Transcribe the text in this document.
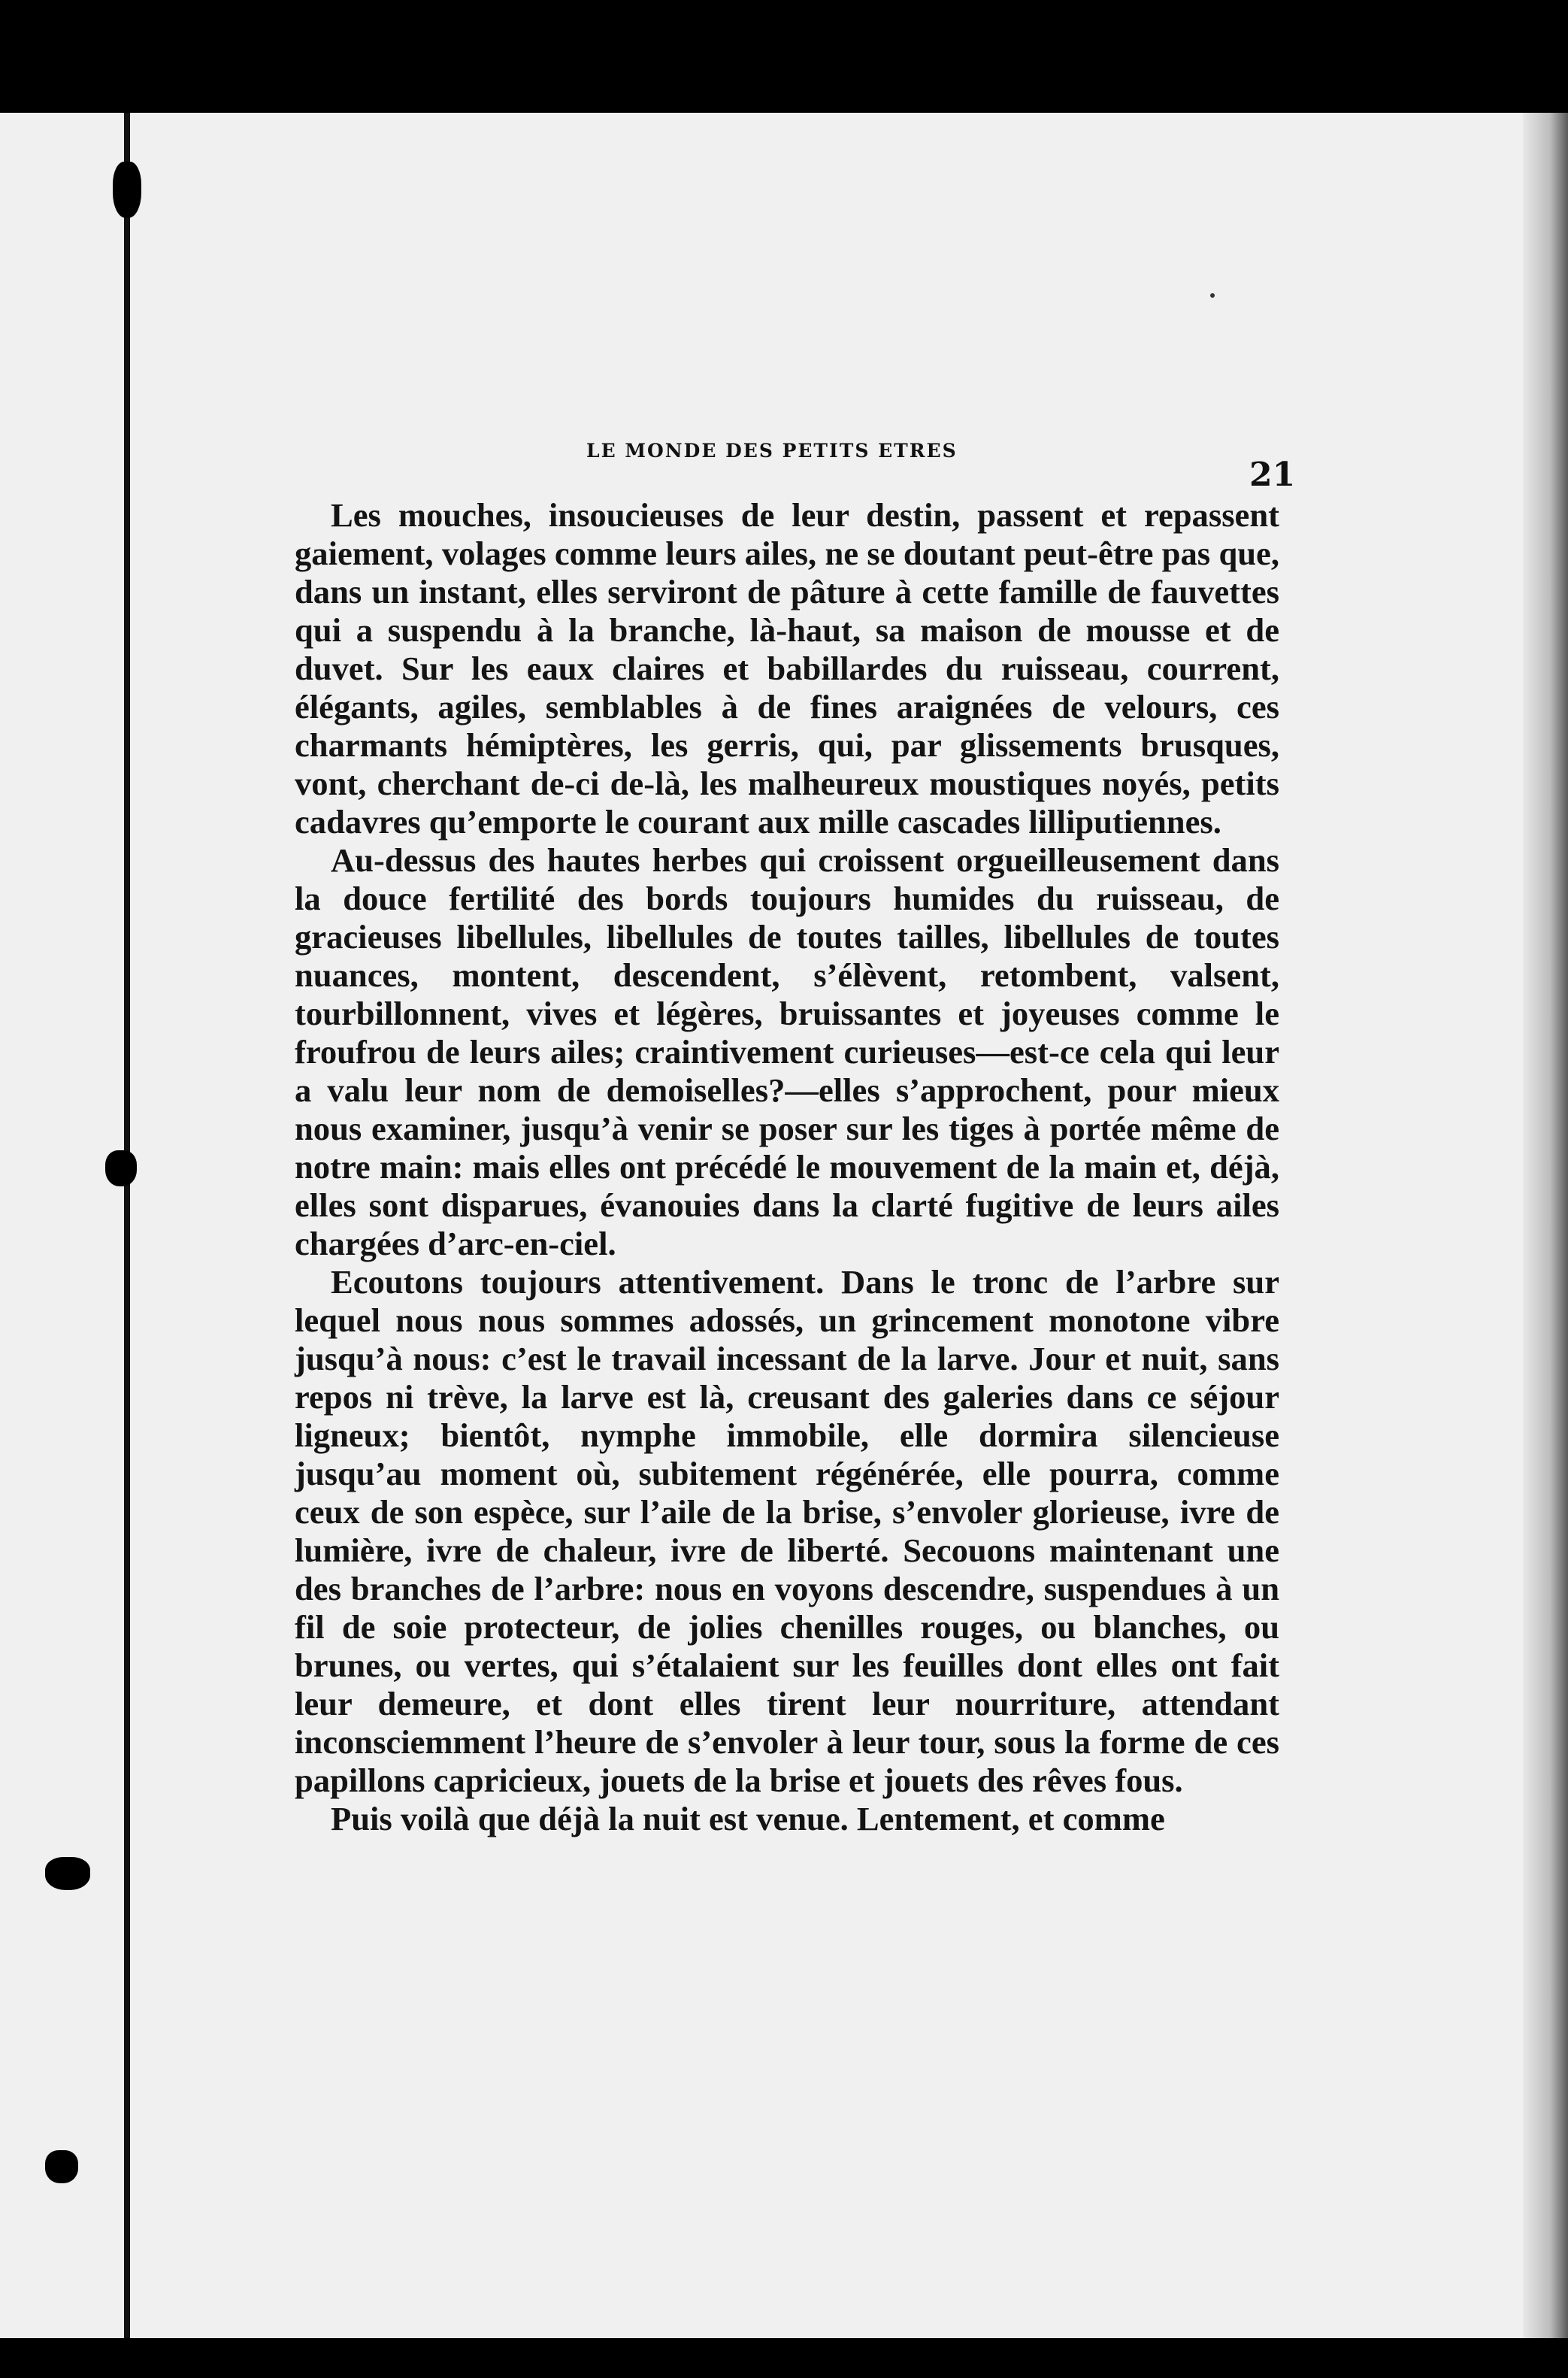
LE MONDE DES PETITS ETRES
21

Les mouches, insoucieuses de leur destin, passent et repassent gaiement, volages comme leurs ailes, ne se doutant peut-être pas que, dans un instant, elles serviront de pâture à cette famille de fauvettes qui a suspendu à la branche, là-haut, sa maison de mousse et de duvet. Sur les eaux claires et babillardes du ruisseau, courrent, élégants, agiles, semblables à de fines araignées de velours, ces charmants hémiptères, les gerris, qui, par glissements brusques, vont, cherchant de-ci de-là, les malheureux moustiques noyés, petits cadavres qu’emporte le courant aux mille cascades lilliputiennes.

Au-dessus des hautes herbes qui croissent orgueilleusement dans la douce fertilité des bords toujours humides du ruisseau, de gracieuses libellules, libellules de toutes tailles, libellules de toutes nuances, montent, descendent, s’élèvent, retombent, valsent, tourbillonnent, vives et légères, bruissantes et joyeuses comme le froufrou de leurs ailes; craintivement curieuses—est-ce cela qui leur a valu leur nom de demoiselles?—elles s’approchent, pour mieux nous examiner, jusqu’à venir se poser sur les tiges à portée même de notre main: mais elles ont précédé le mouvement de la main et, déjà, elles sont disparues, évanouies dans la clarté fugitive de leurs ailes chargées d’arc-en-ciel.

Ecoutons toujours attentivement. Dans le tronc de l’arbre sur lequel nous nous sommes adossés, un grincement monotone vibre jusqu’à nous: c’est le travail incessant de la larve. Jour et nuit, sans repos ni trève, la larve est là, creusant des galeries dans ce séjour ligneux; bientôt, nymphe immobile, elle dormira silencieuse jusqu’au moment où, subitement régénérée, elle pourra, comme ceux de son espèce, sur l’aile de la brise, s’envoler glorieuse, ivre de lumière, ivre de chaleur, ivre de liberté. Secouons maintenant une des branches de l’arbre: nous en voyons descendre, suspendues à un fil de soie protecteur, de jolies chenilles rouges, ou blanches, ou brunes, ou vertes, qui s’étalaient sur les feuilles dont elles ont fait leur demeure, et dont elles tirent leur nourriture, attendant inconsciemment l’heure de s’envoler à leur tour, sous la forme de ces papillons capricieux, jouets de la brise et jouets des rêves fous.

Puis voilà que déjà la nuit est venue. Lentement, et comme
